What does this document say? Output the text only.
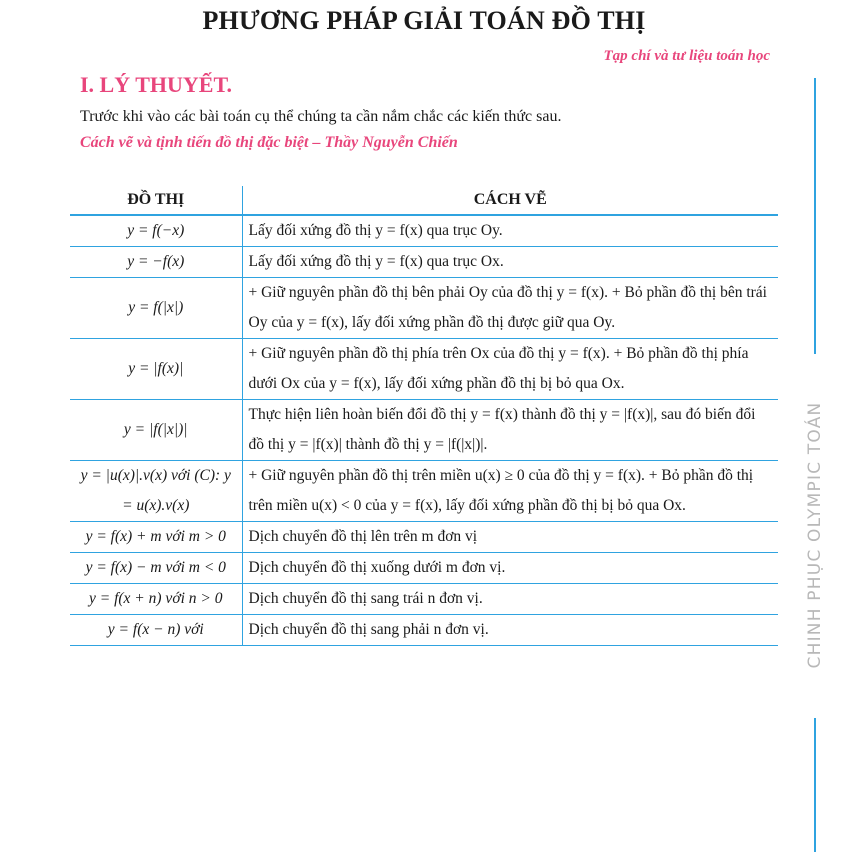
PHƯƠNG PHÁP GIẢI TOÁN ĐỒ THỊ
Tạp chí và tư liệu toán học
I. LÝ THUYẾT.
Trước khi vào các bài toán cụ thể chúng ta cần nắm chắc các kiến thức sau.
Cách vẽ và tịnh tiến đồ thị đặc biệt – Thầy Nguyễn Chiến
CHINH PHỤC OLYMPIC TOÁN
ĐỒ THỊ	CÁCH VẼ
y = f(−x)	Lấy đối xứng đồ thị y = f(x) qua trục Oy.
y = −f(x)	Lấy đối xứng đồ thị y = f(x) qua trục Ox.
y = f(|x|)	+ Giữ nguyên phần đồ thị bên phải Oy của đồ thị y = f(x). + Bỏ phần đồ thị bên trái Oy của y = f(x), lấy đối xứng phần đồ thị được giữ qua Oy.
y = |f(x)|	+ Giữ nguyên phần đồ thị phía trên Ox của đồ thị y = f(x). + Bỏ phần đồ thị phía dưới Ox của y = f(x), lấy đối xứng phần đồ thị bị bỏ qua Ox.
y = |f(|x|)|	Thực hiện liên hoàn biến đổi đồ thị y = f(x) thành đồ thị y = |f(x)|, sau đó biến đổi đồ thị y = |f(x)| thành đồ thị y = |f(|x|)|.
y = |u(x)|.v(x) với (C): y = u(x).v(x)	+ Giữ nguyên phần đồ thị trên miền u(x) ≥ 0 của đồ thị y = f(x). + Bỏ phần đồ thị trên miền u(x) < 0 của y = f(x), lấy đối xứng phần đồ thị bị bỏ qua Ox.
y = f(x) + m với m > 0	Dịch chuyển đồ thị lên trên m đơn vị
y = f(x) − m với m < 0	Dịch chuyển đồ thị xuống dưới m đơn vị.
y = f(x + n) với n > 0	Dịch chuyển đồ thị sang trái n đơn vị.
y = f(x − n) với	Dịch chuyển đồ thị sang phải n đơn vị.
